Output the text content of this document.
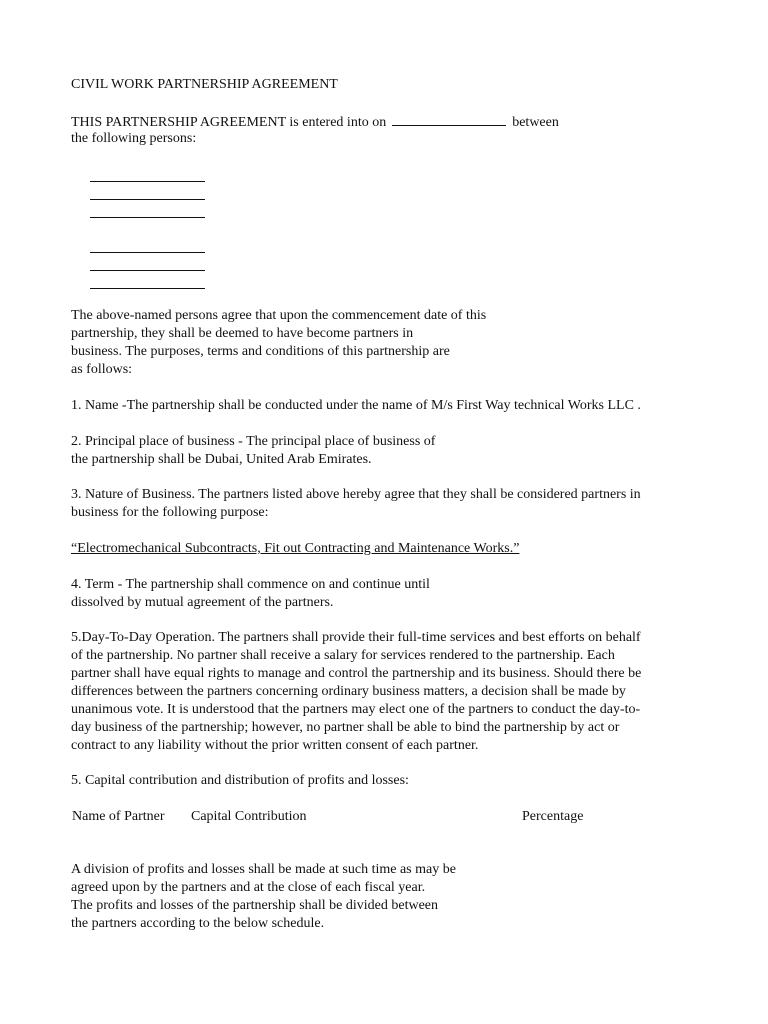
CIVIL WORK PARTNERSHIP AGREEMENT
THIS PARTNERSHIP AGREEMENT is entered into on	between
the following persons:
The above-named persons agree that upon the commencement date of this
partnership, they shall be deemed to have become partners in
business. The purposes, terms and conditions of this partnership are
as follows:
1. Name -The partnership shall be conducted under the name of M/s First Way technical Works LLC .
2. Principal place of business - The principal place of business of
the partnership shall be Dubai, United Arab Emirates.
3. Nature of Business. The partners listed above hereby agree that they shall be considered partners in
business for the following purpose:
“Electromechanical Subcontracts, Fit out Contracting and Maintenance Works.”
4. Term - The partnership shall commence on and continue until
dissolved by mutual agreement of the partners.
5.Day-To-Day Operation. The partners shall provide their full-time services and best efforts on behalf
of the partnership. No partner shall receive a salary for services rendered to the partnership. Each
partner shall have equal rights to manage and control the partnership and its business. Should there be
differences between the partners concerning ordinary business matters, a decision shall be made by
unanimous vote. It is understood that the partners may elect one of the partners to conduct the day-to-
day business of the partnership; however, no partner shall be able to bind the partnership by act or
contract to any liability without the prior written consent of each partner.
5. Capital contribution and distribution of profits and losses:
Name of Partner Capital Contribution	Percentage
A division of profits and losses shall be made at such time as may be
agreed upon by the partners and at the close of each fiscal year.
The profits and losses of the partnership shall be divided between
the partners according to the below schedule.
